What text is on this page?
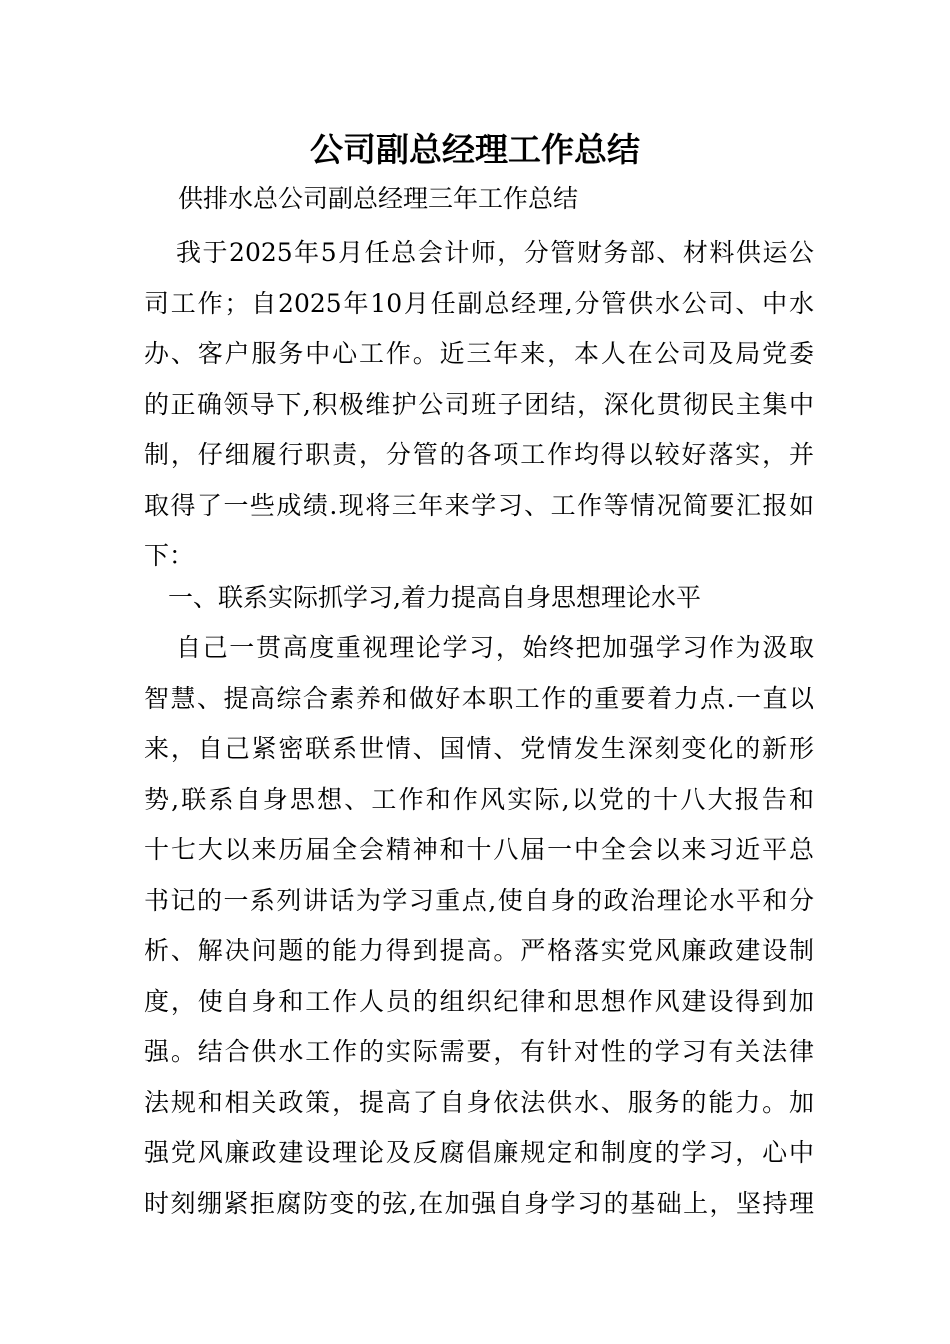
公司副总经理工作总结

供排水总公司副总经理三年工作总结

我于2025年5月任总会计师，分管财务部、材料供运公
司工作；自2025年10月任副总经理,分管供水公司、中水
办、客户服务中心工作。近三年来，本人在公司及局党委
的正确领导下,积极维护公司班子团结，深化贯彻民主集中
制，仔细履行职责，分管的各项工作均得以较好落实，并
取得了一些成绩.现将三年来学习、工作等情况简要汇报如
下：

一、联系实际抓学习,着力提高自身思想理论水平

自己一贯高度重视理论学习，始终把加强学习作为汲取
智慧、提高综合素养和做好本职工作的重要着力点.一直以
来，自己紧密联系世情、国情、党情发生深刻变化的新形
势,联系自身思想、工作和作风实际,以党的十八大报告和
十七大以来历届全会精神和十八届一中全会以来习近平总
书记的一系列讲话为学习重点,使自身的政治理论水平和分
析、解决问题的能力得到提高。严格落实党风廉政建设制
度，使自身和工作人员的组织纪律和思想作风建设得到加
强。结合供水工作的实际需要，有针对性的学习有关法律
法规和相关政策，提高了自身依法供水、服务的能力。加
强党风廉政建设理论及反腐倡廉规定和制度的学习，心中
时刻绷紧拒腐防变的弦,在加强自身学习的基础上，坚持理
